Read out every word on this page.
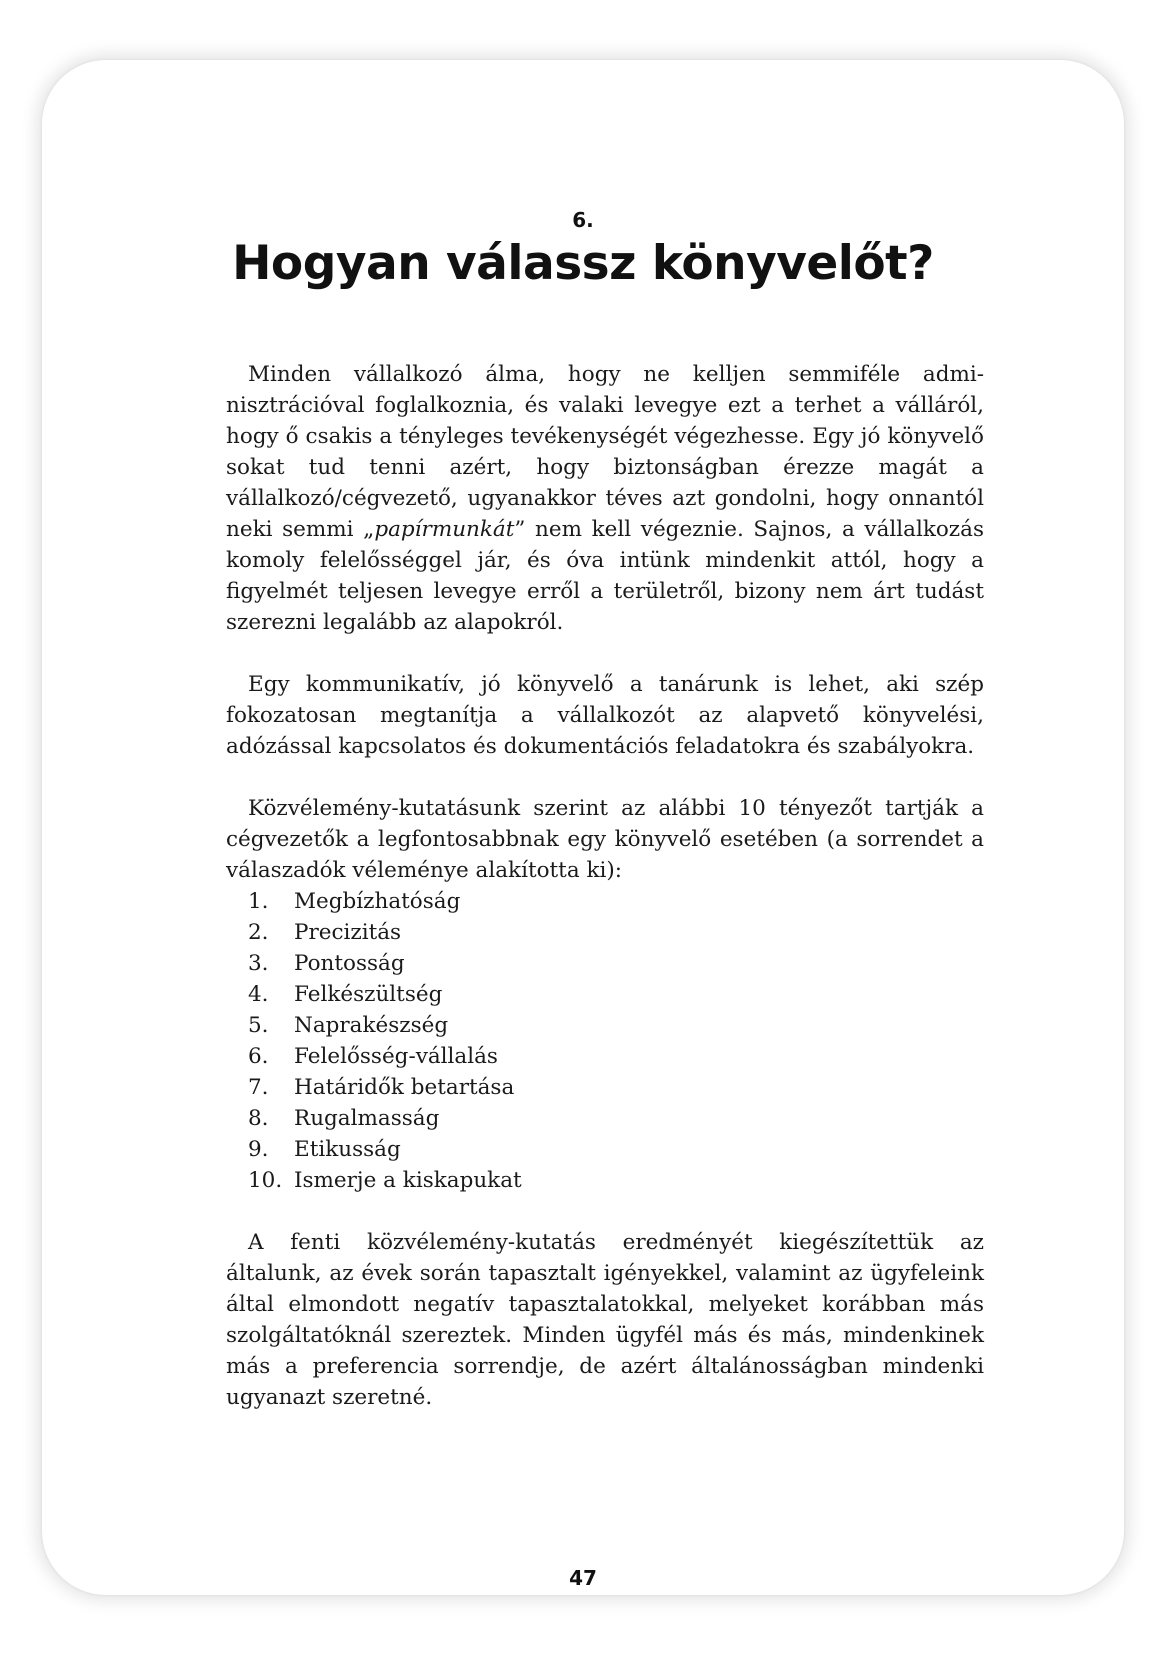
6.
Hogyan válassz könyvelőt?

Minden vállalkozó álma, hogy ne kelljen semmiféle adminisztrációval foglalkoznia, és valaki levegye ezt a terhet a válláról, hogy ő csakis a tényleges tevékenységét végezhesse. Egy jó könyvelő sokat tud tenni azért, hogy biztonságban érezze magát a vállalkozó/cégvezető, ugyanakkor téves azt gondolni, hogy onnantól neki semmi „papírmunkát” nem kell végeznie. Sajnos, a vállalkozás komoly felelősséggel jár, és óva intünk mindenkit attól, hogy a figyelmét teljesen levegye erről a területről, bizony nem árt tudást szerezni legalább az alapokról.

Egy kommunikatív, jó könyvelő a tanárunk is lehet, aki szép fokozatosan megtanítja a vállalkozót az alapvető könyvelési, adózással kapcsolatos és dokumentációs feladatokra és szabályokra.

Közvélemény-kutatásunk szerint az alábbi 10 tényezőt tartják a cégvezetők a legfontosabbnak egy könyvelő esetében (a sorrendet a válaszadók véleménye alakította ki):

1.	Megbízhatóság
2.	Precizitás
3.	Pontosság
4.	Felkészültség
5.	Naprakészség
6.	Felelősség-vállalás
7.	Határidők betartása
8.	Rugalmasság
9.	Etikusság
10. Ismerje a kiskapukat

A fenti közvélemény-kutatás eredményét kiegészítettük az általunk, az évek során tapasztalt igényekkel, valamint az ügyfeleink által elmondott negatív tapasztalatokkal, melyeket korábban más szolgáltatóknál szereztek. Minden ügyfél más és más, mindenkinek más a preferencia sorrendje, de azért általánosságban mindenki ugyanazt szeretné.

47
